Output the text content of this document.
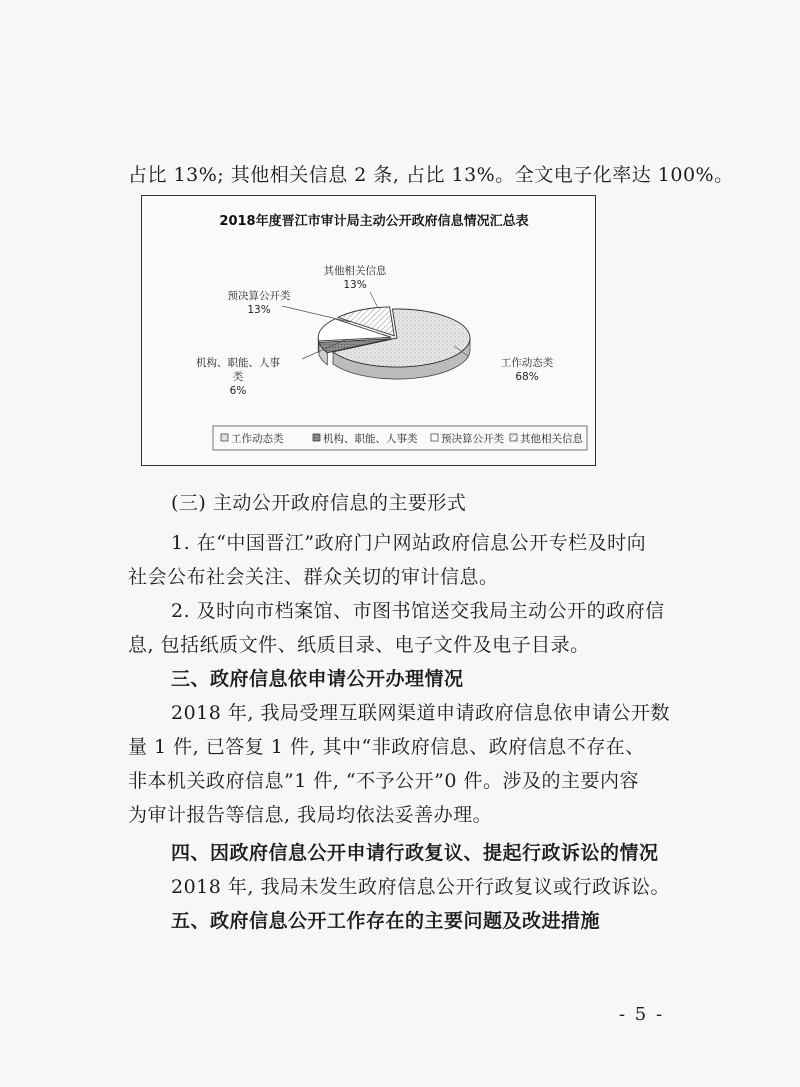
占比 13%; 其他相关信息 2 条, 占比 13%。全文电子化率达 100%。
2018年度晋江市审计局主动公开政府信息情况汇总表
工作动态类
68%
机构、职能、人事
类
6%
预决算公开类
13%
其他相关信息
13%
工作动态类	机构、职能、人事类 预决算公开类 其他相关信息
(三) 主动公开政府信息的主要形式
1. 在“中国晋江”政府门户网站政府信息公开专栏及时向
社会公布社会关注、群众关切的审计信息。
2. 及时向市档案馆、市图书馆送交我局主动公开的政府信
息, 包括纸质文件、纸质目录、电子文件及电子目录。
三、政府信息依申请公开办理情况
2018 年, 我局受理互联网渠道申请政府信息依申请公开数
量 1 件, 已答复 1 件, 其中“非政府信息、政府信息不存在、
非本机关政府信息”1 件, “不予公开”0 件。涉及的主要内容
为审计报告等信息, 我局均依法妥善办理。
四、因政府信息公开申请行政复议、提起行政诉讼的情况
2018 年, 我局未发生政府信息公开行政复议或行政诉讼。
五、政府信息公开工作存在的主要问题及改进措施
- 5 -
